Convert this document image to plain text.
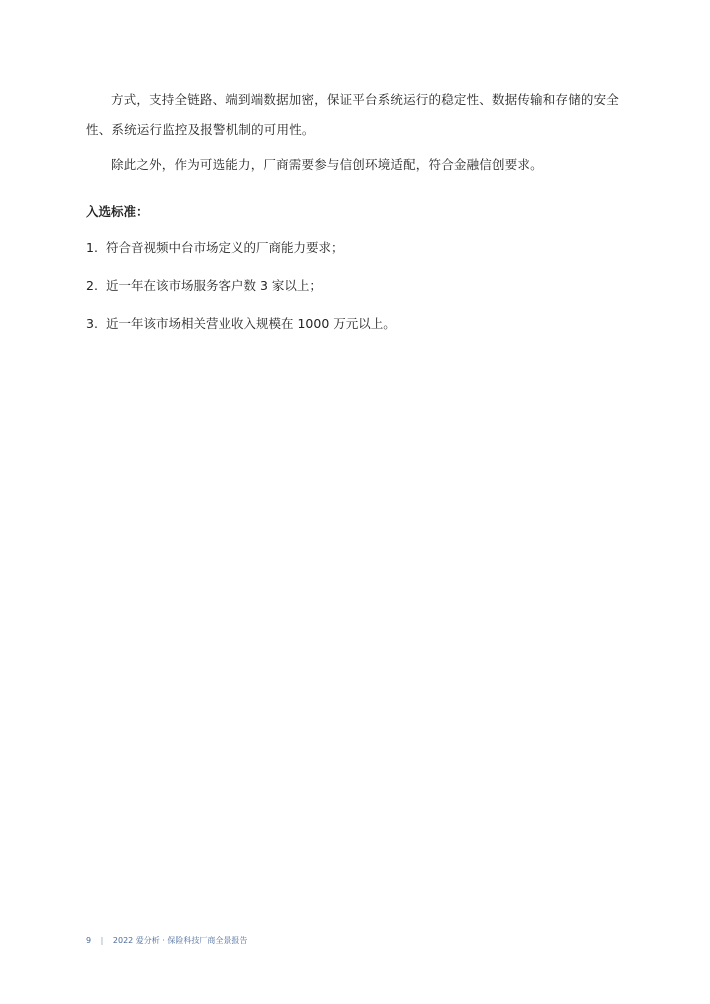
方式，支持全链路、端到端数据加密，保证平台系统运行的稳定性、数据传输和存储的安全
性、系统运行监控及报警机制的可用性。
除此之外，作为可选能力，厂商需要参与信创环境适配，符合金融信创要求。
入选标准：
1. 符合音视频中台市场定义的厂商能力要求；
2. 近一年在该市场服务客户数 3 家以上；
3. 近一年该市场相关营业收入规模在 1000 万元以上。
9 | 2022 爱分析 · 保险科技厂商全景报告
